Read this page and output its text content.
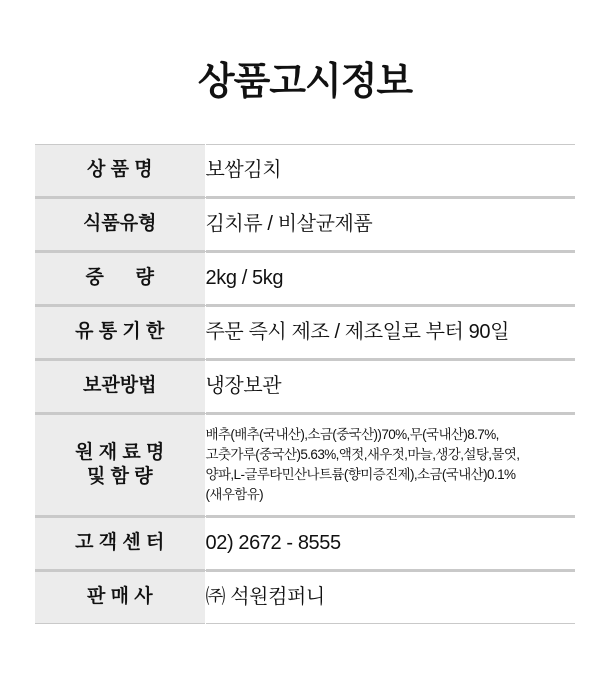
상품고시정보
상 품 명	보쌈김치

식품유형	김치류 / 비살균제품

중      량	2kg / 5kg

유 통 기 한	주문 즉시 제조 / 제조일로 부터 90일

보관방법	냉장보관

원 재 료 명
및 함 량

배추(배추(국내산),소금(중국산))70%,무(국내산)8.7%,
고춧가루(중국산)5.63%,액젓,새우젓,마늘,생강,설탕,물엿,
양파,L-글루타민산나트륨(향미증진제),소금(국내산)0.1%
(새우함유)

고 객 센 터	02) 2672 - 8555

판 매 사	㈜ 석원컴퍼니
